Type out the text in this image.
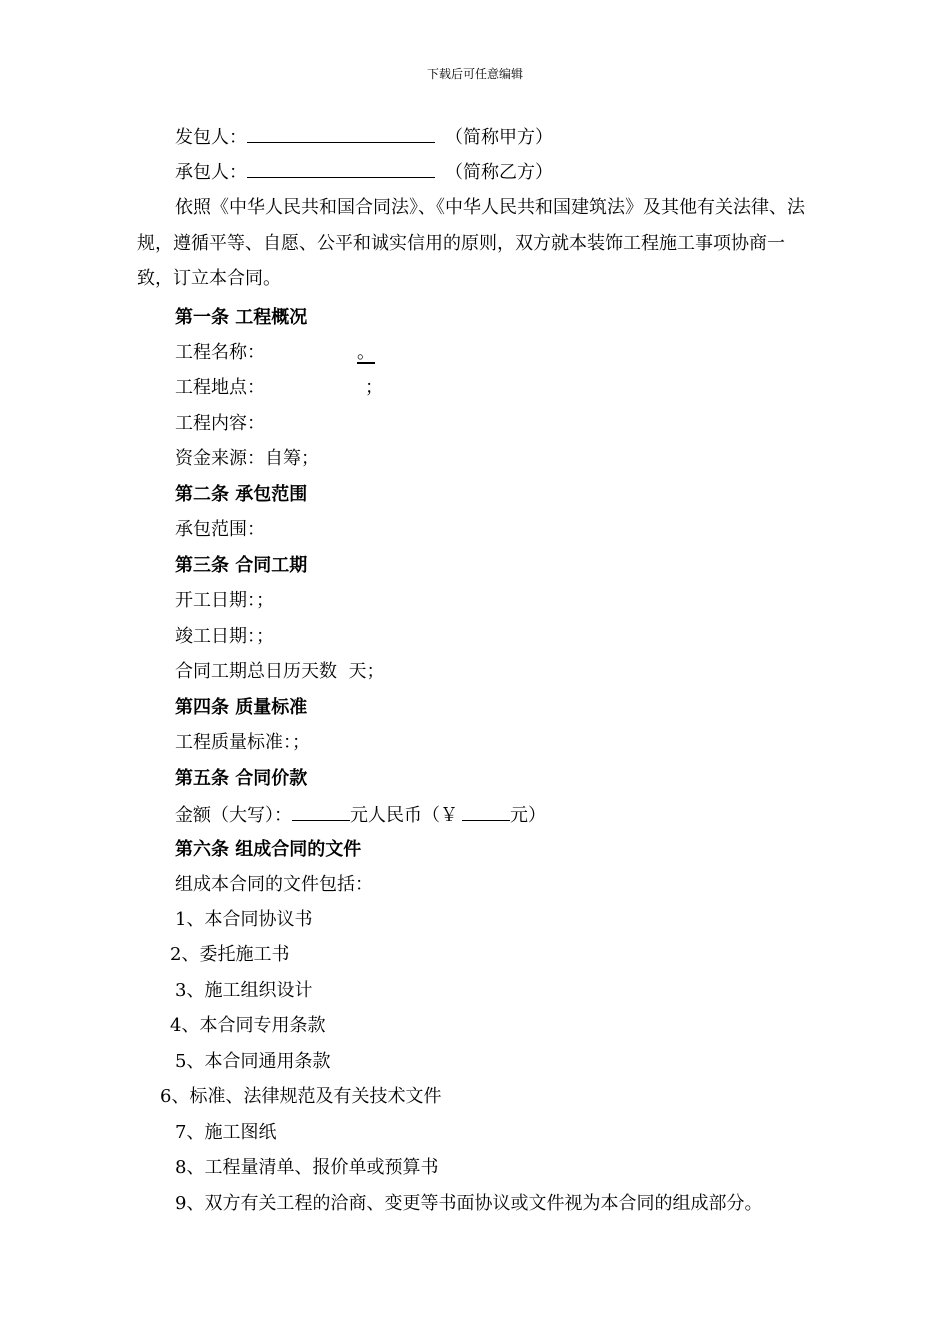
下载后可任意编辑
发包人：	（简称甲方）
承包人：	（简称乙方）
依照《中华人民共和国合同法》、《中华人民共和国建筑法》及其他有关法律、法规，遵循平等、自愿、公平和诚实信用的原则，双方就本装饰工程施工事项协商一致，订立本合同。
第一条 工程概况
工程名称：	。
工程地点：	；
工程内容：
资金来源：自筹；
第二条 承包范围
承包范围：
第三条 合同工期
开工日期：；
竣工日期：；
合同工期总日历天数  天；
第四条 质量标准
工程质量标准：；
第五条 合同价款
金额（大写）：	元人民币（￥	元）
第六条 组成合同的文件
组成本合同的文件包括：
1、本合同协议书
2、委托施工书
3、施工组织设计
4、本合同专用条款
5、本合同通用条款
6、标准、法律规范及有关技术文件
7、施工图纸
8、工程量清单、报价单或预算书
9、双方有关工程的洽商、变更等书面协议或文件视为本合同的组成部分。
